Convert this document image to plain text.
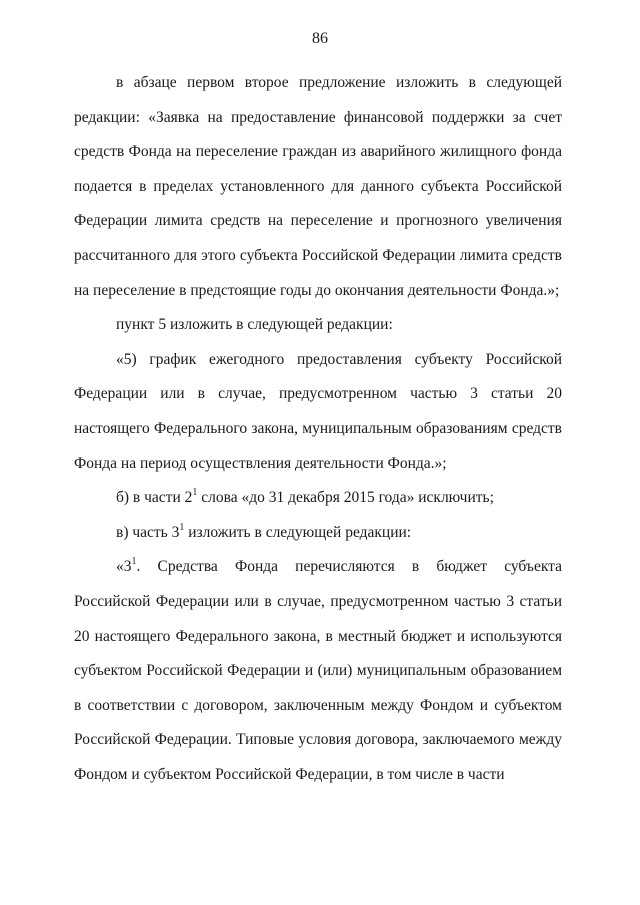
86

в абзаце первом второе предложение изложить в следующей редакции: «Заявка на предоставление финансовой поддержки за счет средств Фонда на переселение граждан из аварийного жилищного фонда подается в пределах установленного для данного субъекта Российской Федерации лимита средств на переселение и прогнозного увеличения рассчитанного для этого субъекта Российской Федерации лимита средств на переселение в предстоящие годы до окончания деятельности Фонда.»;

пункт 5 изложить в следующей редакции:

«5) график ежегодного предоставления субъекту Российской Федерации или в случае, предусмотренном частью 3 статьи 20 настоящего Федерального закона, муниципальным образованиям средств Фонда на период осуществления деятельности Фонда.»;

б) в части $2^1$ слова «до 31 декабря 2015 года» исключить;

в) часть $3^1$ изложить в следующей редакции:

«$3^1$. Средства Фонда перечисляются в бюджет субъекта Российской Федерации или в случае, предусмотренном частью 3 статьи 20 настоящего Федерального закона, в местный бюджет и используются субъектом Российской Федерации и (или) муниципальным образованием в соответствии с договором, заключенным между Фондом и субъектом Российской Федерации. Типовые условия договора, заключаемого между Фондом и субъектом Российской Федерации, в том числе в части
